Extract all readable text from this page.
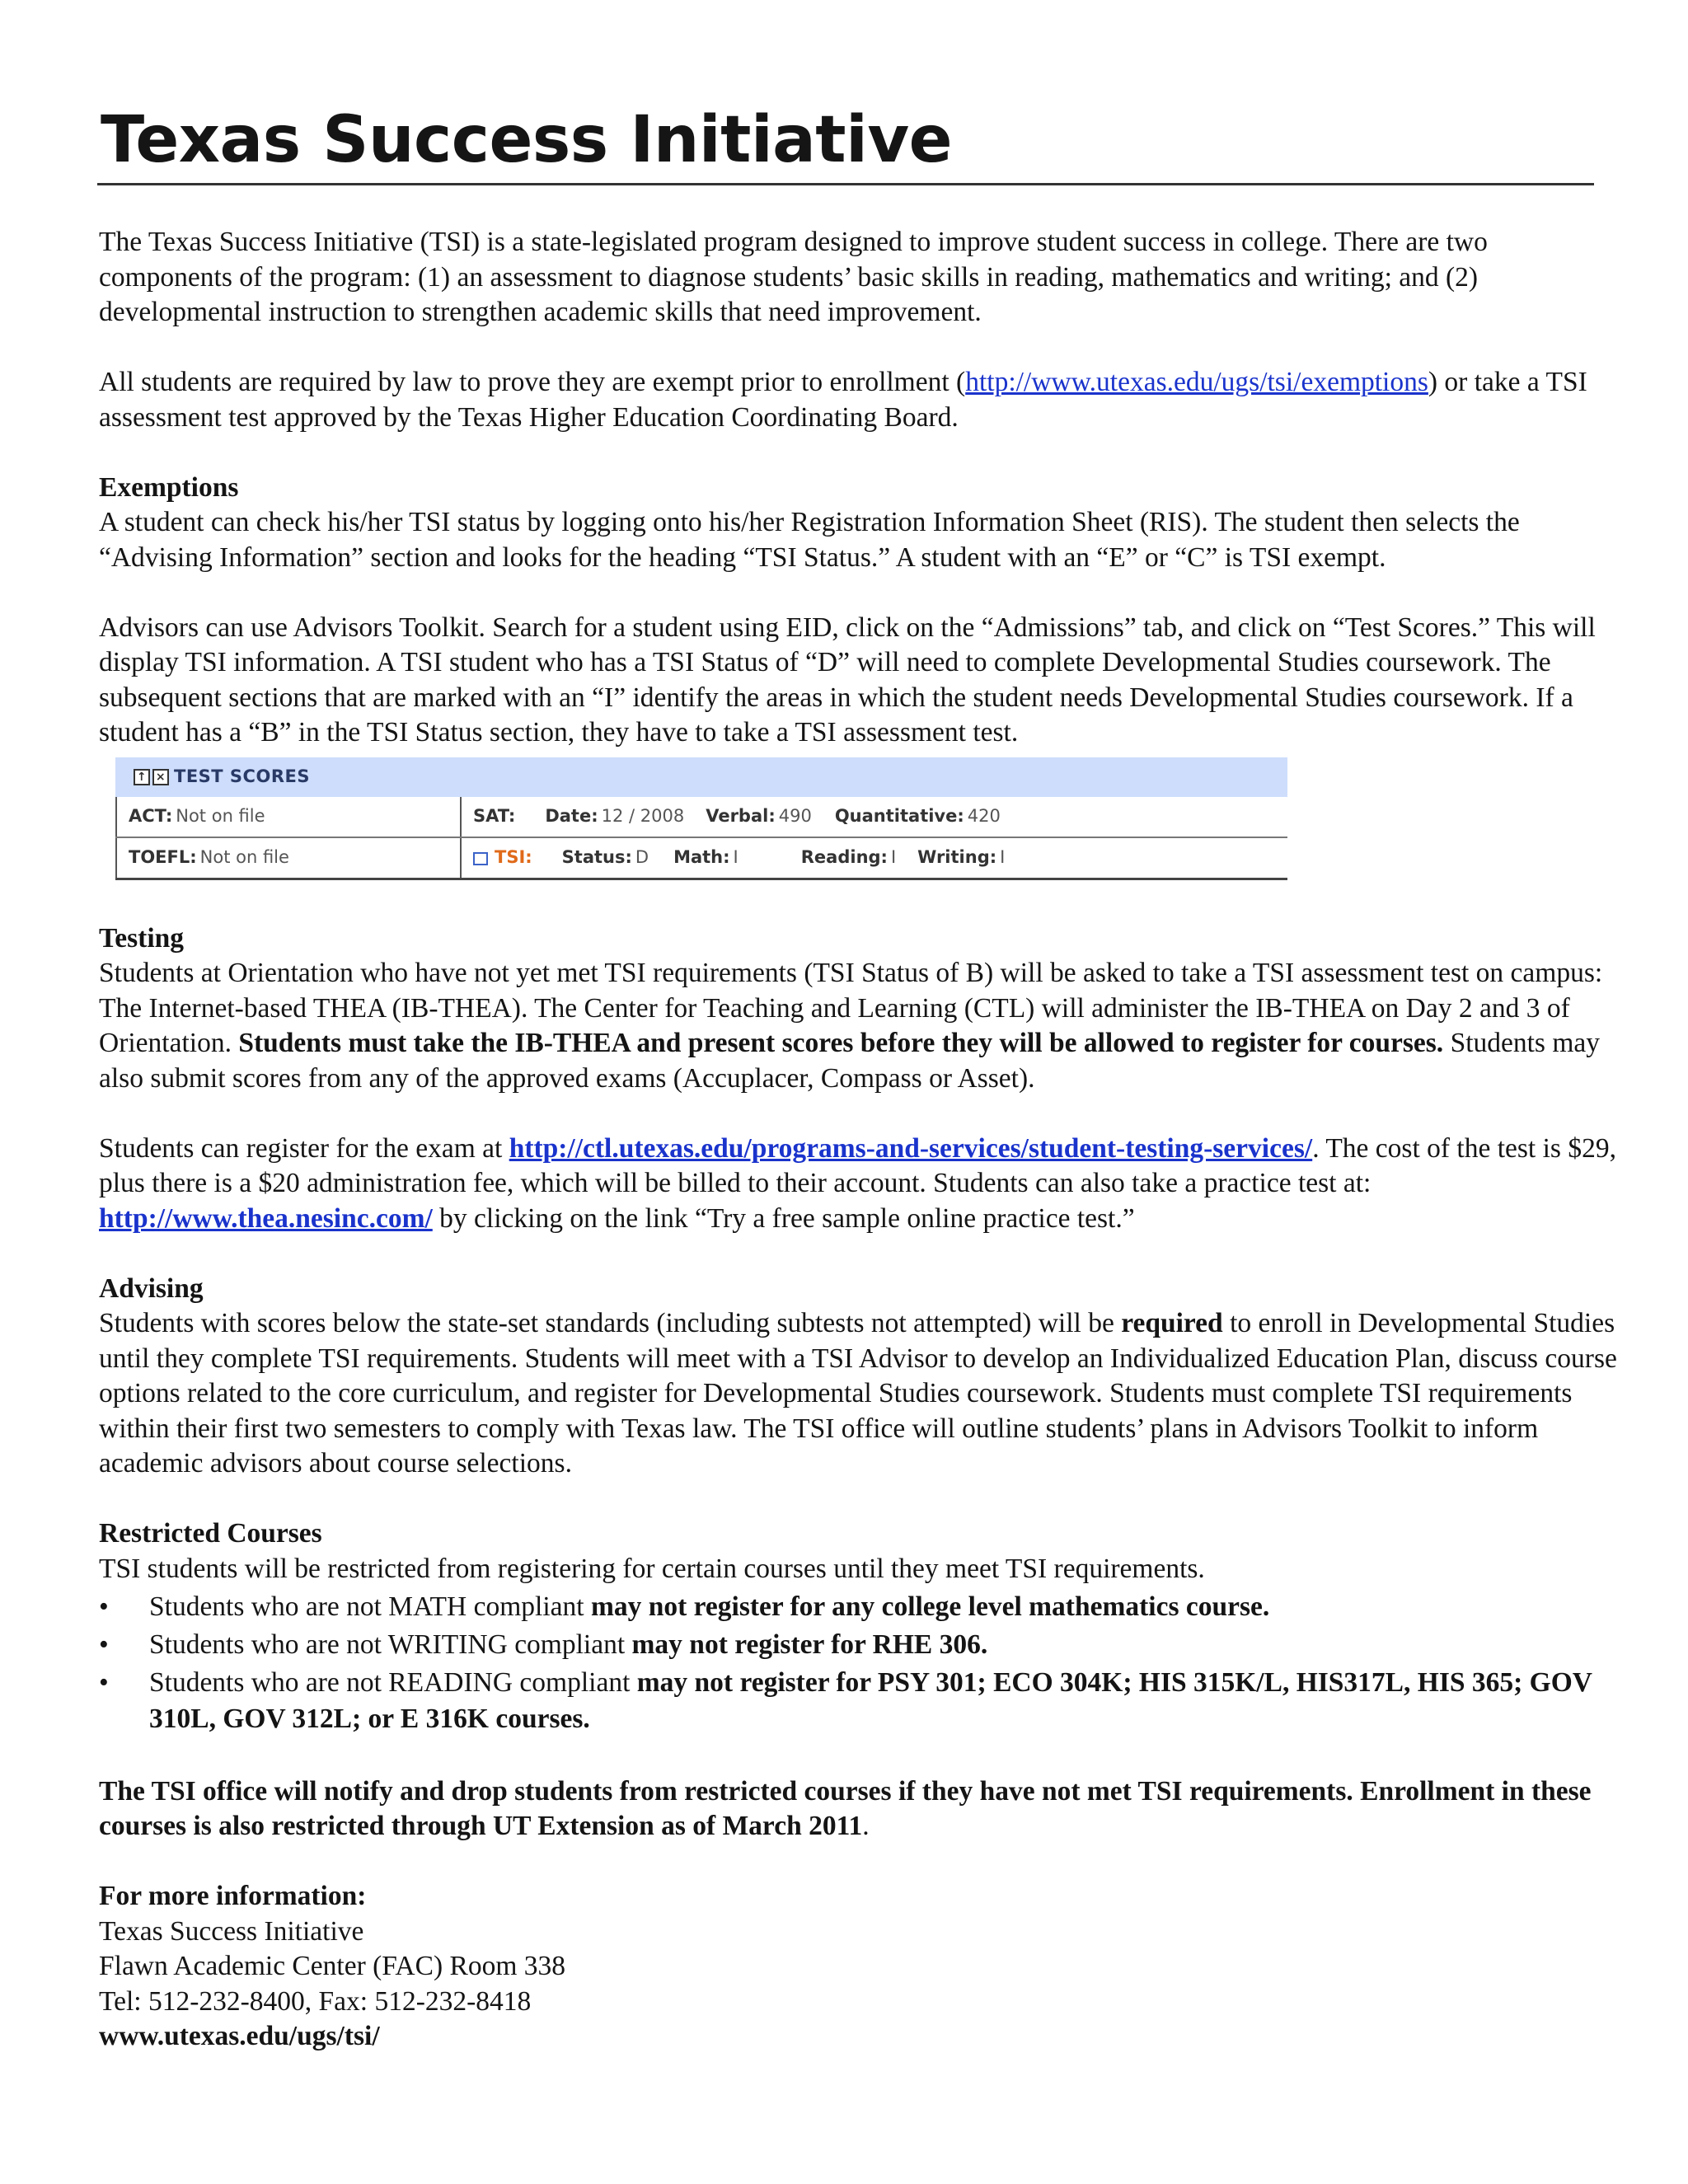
Texas Success Initiative

The Texas Success Initiative (TSI) is a state-legislated program designed to improve student success in college. There are two components of the program: (1) an assessment to diagnose students’ basic skills in reading, mathematics and writing; and (2) developmental instruction to strengthen academic skills that need improvement.

All students are required by law to prove they are exempt prior to enrollment (http://www.utexas.edu/ugs/tsi/exemptions) or take a TSI assessment test approved by the Texas Higher Education Coordinating Board.

Exemptions

A student can check his/her TSI status by logging onto his/her Registration Information Sheet (RIS). The student then selects the “Advising Information” section and looks for the heading “TSI Status.” A student with an “E” or “C” is TSI exempt.

Advisors can use Advisors Toolkit. Search for a student using EID, click on the “Admissions” tab, and click on “Test Scores.” This will display TSI information. A TSI student who has a TSI Status of “D” will need to complete Developmental Studies coursework. The subsequent sections that are marked with an “I” identify the areas in which the student needs Developmental Studies coursework. If a student has a “B” in the TSI Status section, they have to take a TSI assessment test.

↑ × TEST SCORES
ACT: Not on file	SAT: Date: 12 / 2008 Verbal: 490 Quantitative: 420
TOEFL: Not on file	TSI: Status: D Math: I	Reading: I Writing: I

Testing

Students at Orientation who have not yet met TSI requirements (TSI Status of B) will be asked to take a TSI assessment test on campus: The Internet-based THEA (IB-THEA). The Center for Teaching and Learning (CTL) will administer the IB-THEA on Day 2 and 3 of Orientation. Students must take the IB-THEA and present scores before they will be allowed to register for courses. Students may also submit scores from any of the approved exams (Accuplacer, Compass or Asset).

Students can register for the exam at http://ctl.utexas.edu/programs-and-services/student-testing-services/. The cost of the test is $29, plus there is a $20 administration fee, which will be billed to their account. Students can also take a practice test at: http://www.thea.nesinc.com/ by clicking on the link “Try a free sample online practice test.”

Advising

Students with scores below the state-set standards (including subtests not attempted) will be required to enroll in Developmental Studies until they complete TSI requirements. Students will meet with a TSI Advisor to develop an Individualized Education Plan, discuss course options related to the core curriculum, and register for Developmental Studies coursework. Students must complete TSI requirements within their first two semesters to comply with Texas law. The TSI office will outline students’ plans in Advisors Toolkit to inform academic advisors about course selections.

Restricted Courses

TSI students will be restricted from registering for certain courses until they meet TSI requirements.

• Students who are not MATH compliant may not register for any college level mathematics course.
• Students who are not WRITING compliant may not register for RHE 306.
• Students who are not READING compliant may not register for PSY 301; ECO 304K; HIS 315K/L, HIS317L, HIS 365; GOV 310L, GOV 312L; or E 316K courses.

The TSI office will notify and drop students from restricted courses if they have not met TSI requirements. Enrollment in these courses is also restricted through UT Extension as of March 2011.

For more information:

Texas Success Initiative

Flawn Academic Center (FAC) Room 338

Tel: 512-232-8400, Fax: 512-232-8418

www.utexas.edu/ugs/tsi/
